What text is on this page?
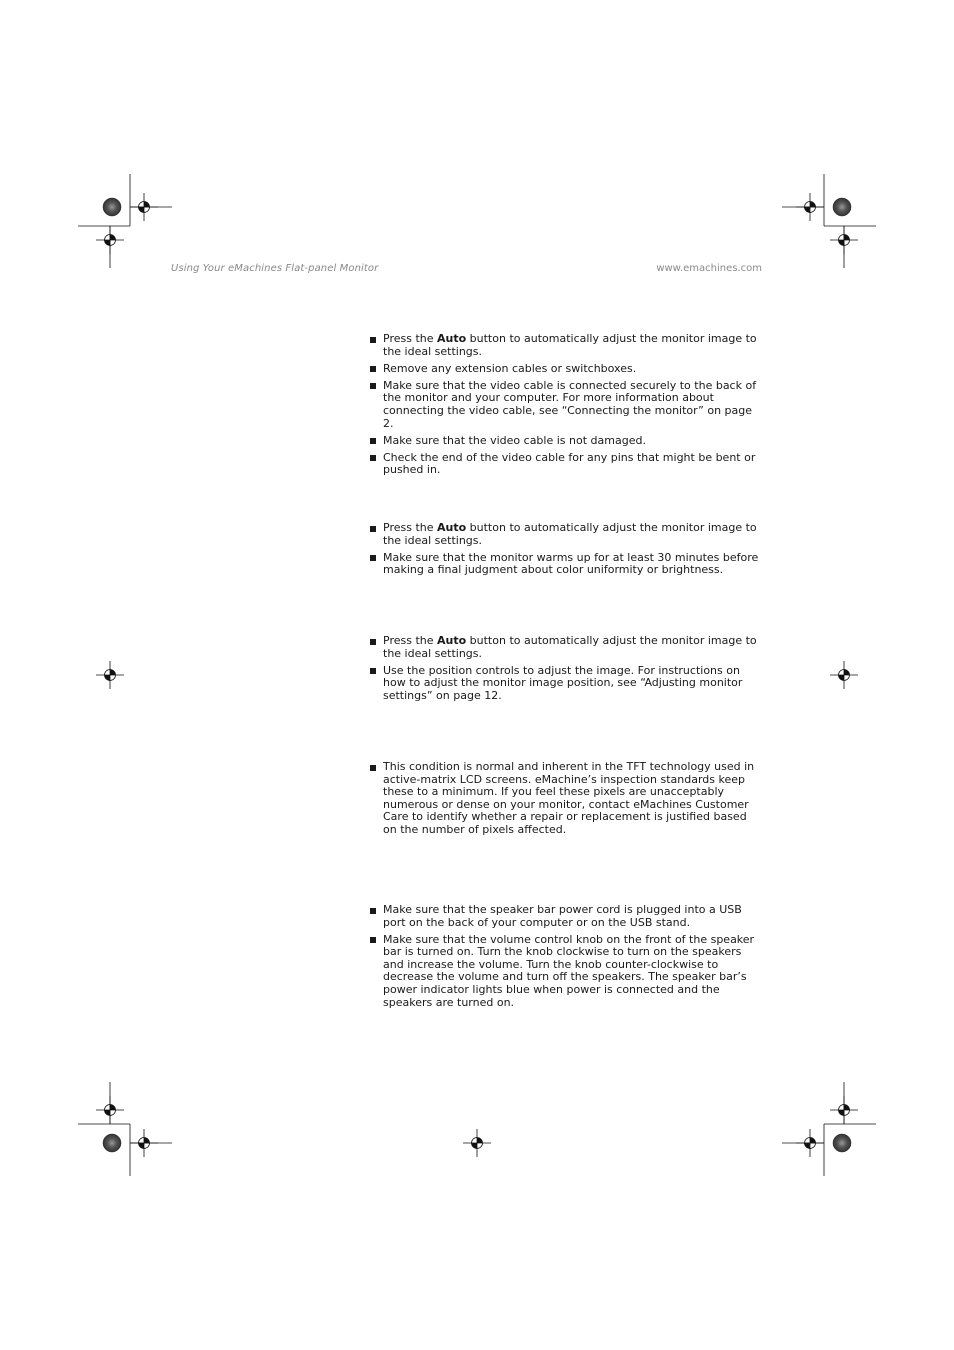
Using Your eMachines Flat-panel Monitor	www.emachines.com
Press the Auto button to automatically adjust the monitor image to the ideal settings.
Remove any extension cables or switchboxes.
Make sure that the video cable is connected securely to the back of the monitor and your computer. For more information about connecting the video cable, see “Connecting the monitor” on page 2.
Make sure that the video cable is not damaged.
Check the end of the video cable for any pins that might be bent or pushed in.
Press the Auto button to automatically adjust the monitor image to the ideal settings.
Make sure that the monitor warms up for at least 30 minutes before making a final judgment about color uniformity or brightness.
Press the Auto button to automatically adjust the monitor image to the ideal settings.
Use the position controls to adjust the image. For instructions on how to adjust the monitor image position, see “Adjusting monitor settings” on page 12.
This condition is normal and inherent in the TFT technology used in active-matrix LCD screens. eMachine’s inspection standards keep these to a minimum. If you feel these pixels are unacceptably numerous or dense on your monitor, contact eMachines Customer Care to identify whether a repair or replacement is justified based on the number of pixels affected.
Make sure that the speaker bar power cord is plugged into a USB port on the back of your computer or on the USB stand.
Make sure that the volume control knob on the front of the speaker bar is turned on. Turn the knob clockwise to turn on the speakers and increase the volume. Turn the knob counter-clockwise to decrease the volume and turn off the speakers. The speaker bar’s power indicator lights blue when power is connected and the speakers are turned on.
